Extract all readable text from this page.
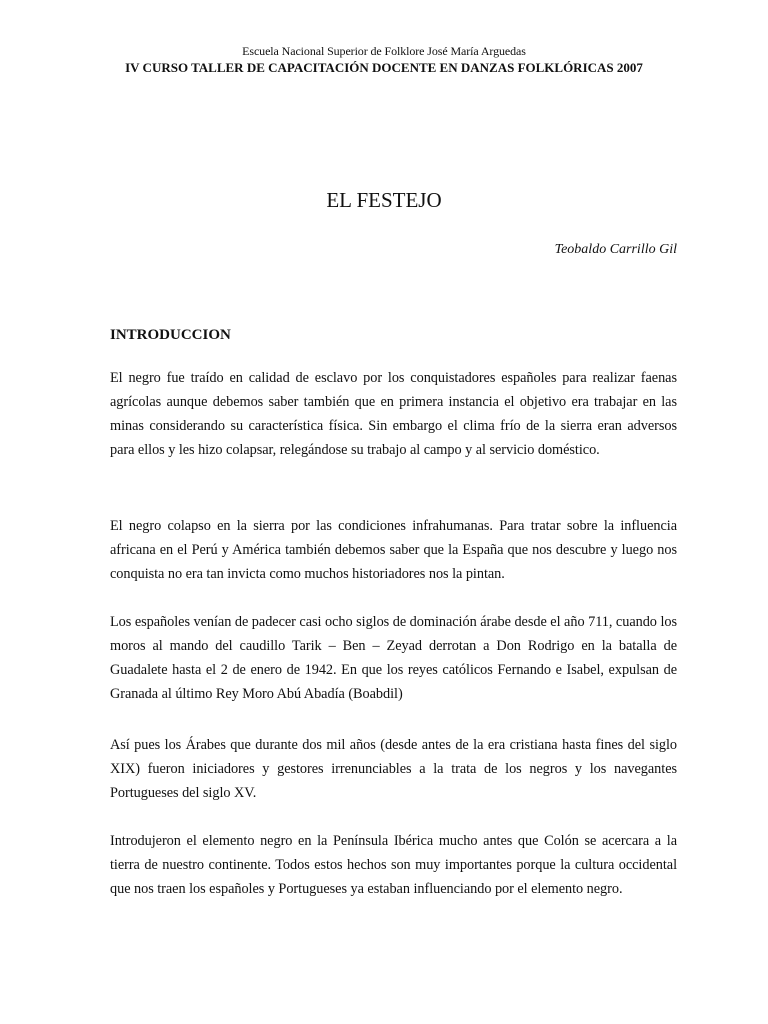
Escuela Nacional Superior de Folklore José María Arguedas
IV CURSO TALLER DE CAPACITACIÓN DOCENTE EN DANZAS FOLKLÓRICAS 2007
EL FESTEJO
Teobaldo Carrillo Gil
INTRODUCCION

El negro fue traído en calidad de esclavo por los conquistadores españoles para realizar faenas agrícolas aunque debemos saber también que en primera instancia el objetivo era trabajar en las minas considerando su característica física. Sin embargo el clima frío de la sierra eran adversos para ellos y les hizo colapsar, relegándose su trabajo al campo y al servicio doméstico.

El negro colapso en la sierra por las condiciones infrahumanas. Para tratar sobre la influencia africana en el Perú y América también debemos saber que la España que nos descubre y luego nos conquista no era tan invicta como muchos historiadores nos la pintan.

Los españoles venían de padecer casi ocho siglos de dominación árabe desde el año 711, cuando los moros al mando del caudillo Tarik – Ben – Zeyad derrotan a Don Rodrigo en la batalla de Guadalete hasta el 2 de enero de 1942. En que los reyes católicos Fernando e Isabel, expulsan de Granada al último Rey Moro Abú Abadía (Boabdil)

Así pues los Árabes que durante dos mil años (desde antes de la era cristiana hasta fines del siglo XIX) fueron iniciadores y gestores irrenunciables a la trata de los negros y los navegantes Portugueses del siglo XV.

Introdujeron el elemento negro en la Península Ibérica mucho antes que Colón se acercara a la tierra de nuestro continente. Todos estos hechos son muy importantes porque la cultura occidental que nos traen los españoles y Portugueses ya estaban influenciando por el elemento negro.
